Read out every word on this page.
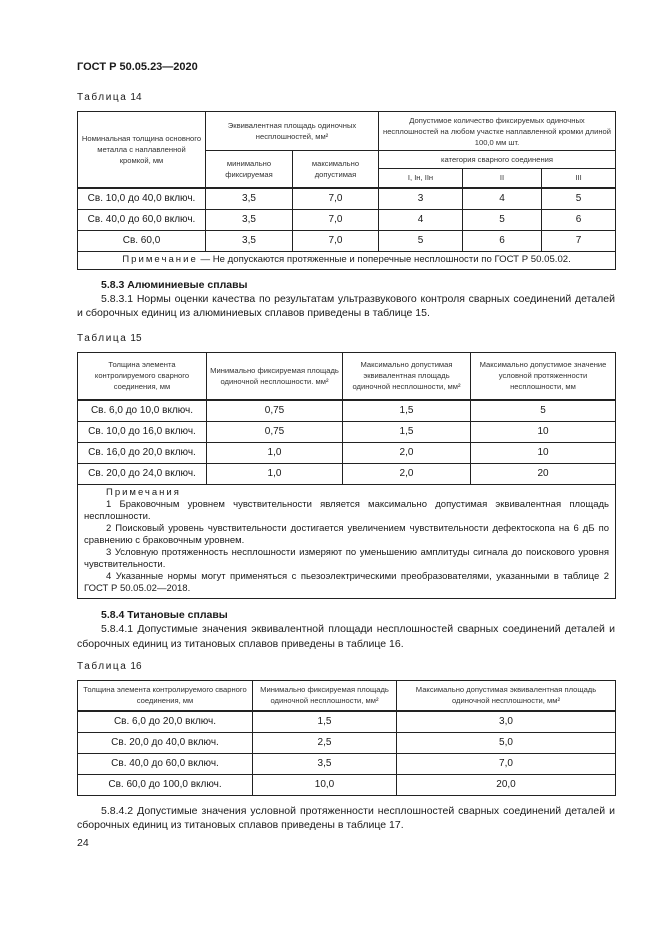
ГОСТ Р 50.05.23—2020
Таблица 14
Номинальная толщина основного металла с наплавленной кромкой, мм	Эквивалентная площадь одиночных несплошностей, мм²		Допустимое количество фиксируемых одиночных несплошностей на любом участке наплавленной кромки длиной 100,0 мм шт.		
	минимально фиксируемая	максимально допустимая	категория сварного соединения		
			I, Iн, IIн	II	III
Св. 10,0 до 40,0 включ.	3,5	7,0	3	4	5
Св. 40,0 до 60,0 включ.	3,5	7,0	4	5	6
Св. 60,0	3,5	7,0	5	6	7
Примечание — Не допускаются протяженные и поперечные несплошности по ГОСТ Р 50.05.02.					
5.8.3 Алюминиевые сплавы
5.8.3.1 Нормы оценки качества по результатам ультразвукового контроля сварных соединений деталей и сборочных единиц из алюминиевых сплавов приведены в таблице 15.
Таблица 15
Толщина элемента контролируемого сварного соединения, мм	Минимально фиксируемая площадь одиночной несплошности. мм²	Максимально допустимая эквивалентная площадь одиночной несплошности, мм²	Максимально допустимое значение условной протяженности несплошности, мм
Св. 6,0 до 10,0 включ.	0,75	1,5	5
Св. 10,0 до 16,0 включ.	0,75	1,5	10
Св. 16,0 до 20,0 включ.	1,0	2,0	10
Св. 20,0 до 24,0 включ.	1,0	2,0	20

Примечания
1 Браковочным уровнем чувствительности является максимально допустимая эквивалентная площадь несплошности.
2 Поисковый уровень чувствительности достигается увеличением чувствительности дефектоскопа на 6 дБ по сравнению с браковочным уровнем.
3 Условную протяженность несплошности измеряют по уменьшению амплитуды сигнала до поискового уровня чувствительности.
4 Указанные нормы могут применяться с пьезоэлектрическими преобразователями, указанными в таблице 2 ГОСТ Р 50.05.02—2018.			
5.8.4 Титановые сплавы
5.8.4.1 Допустимые значения эквивалентной площади несплошностей сварных соединений деталей и сборочных единиц из титановых сплавов приведены в таблице 16.
Таблица 16
Толщина элемента контролируемого сварного соединения, мм	Минимально фиксируемая площадь одиночной несплошности, мм²	Максимально допустимая эквивалентная площадь одиночной несплошности, мм²
Св. 6,0 до 20,0 включ.	1,5	3,0
Св. 20,0 до 40,0 включ.	2,5	5,0
Св. 40,0 до 60,0 включ.	3,5	7,0
Св. 60,0 до 100,0 включ.	10,0	20,0
5.8.4.2 Допустимые значения условной протяженности несплошностей сварных соединений деталей и сборочных единиц из титановых сплавов приведены в таблице 17.
24
